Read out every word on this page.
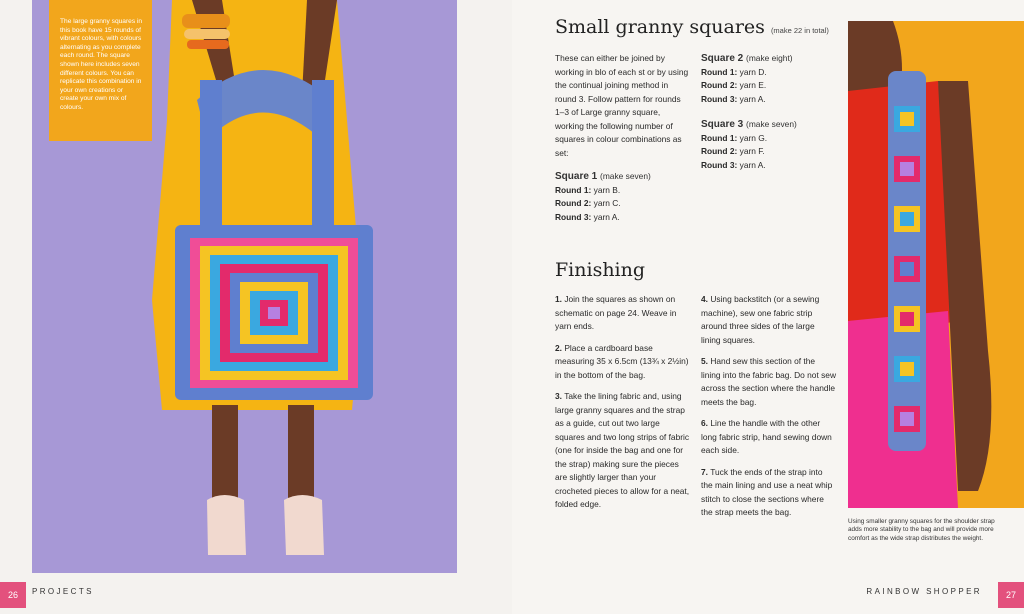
The large granny squares in this book have 15 rounds of vibrant colours, with colours alternating as you complete each round. The square shown here includes seven different colours. You can replicate this combination in your own creations or create your own mix of colours.

26	PROJECTS
Small granny squares (make 22 in total)

These can either be joined by working in blo of each st or by using the continual joining method in round 3. Follow pattern for rounds 1–3 of Large granny square, working the following number of squares in colour combinations as set:

Square 1 (make seven)
Round 1: yarn B.
Round 2: yarn C.
Round 3: yarn A.
Square 2 (make eight)
Round 1: yarn D.
Round 2: yarn E.
Round 3: yarn A.
Square 3 (make seven)
Round 1: yarn G.
Round 2: yarn F.
Round 3: yarn A.
Finishing

1. Join the squares as shown on schematic on page 24. Weave in yarn ends.

2. Place a cardboard base measuring 35 x 6.5cm (13¾ x 2½in) in the bottom of the bag.

3. Take the lining fabric and, using large granny squares and the strap as a guide, cut out two large squares and two long strips of fabric (one for inside the bag and one for the strap) making sure the pieces are slightly larger than your crocheted pieces to allow for a neat, folded edge.

4. Using backstitch (or a sewing machine), sew one fabric strip around three sides of the large lining squares.

5. Hand sew this section of the lining into the fabric bag. Do not sew across the section where the handle meets the bag.

6. Line the handle with the other long fabric strip, hand sewing down each side.

7. Tuck the ends of the strap into the main lining and use a neat whip stitch to close the sections where the strap meets the bag.

RAINBOW SHOPPER	27
Using smaller granny squares for the shoulder strap adds more stability to the bag and will provide more comfort as the wide strap distributes the weight.
